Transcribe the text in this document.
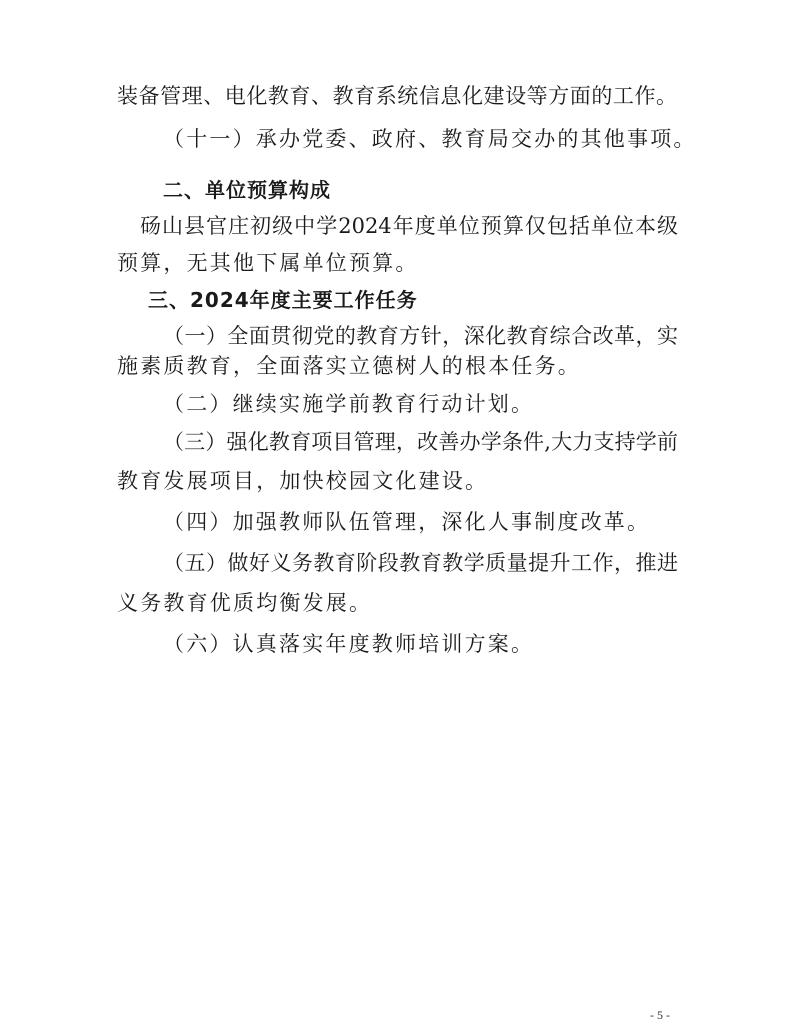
装备管理、电化教育、教育系统信息化建设等方面的工作。
（十一）承办党委、政府、教育局交办的其他事项。
二、单位预算构成
砀山县官庄初级中学2024年度单位预算仅包括单位本级
预算，无其他下属单位预算。
三、2024年度主要工作任务
（一）全面贯彻党的教育方针，深化教育综合改革，实
施素质教育，全面落实立德树人的根本任务。
（二）继续实施学前教育行动计划。
（三）强化教育项目管理，改善办学条件,大力支持学前
教育发展项目，加快校园文化建设。
（四）加强教师队伍管理，深化人事制度改革。
（五）做好义务教育阶段教育教学质量提升工作，推进
义务教育优质均衡发展。
（六）认真落实年度教师培训方案。
- 5 -
